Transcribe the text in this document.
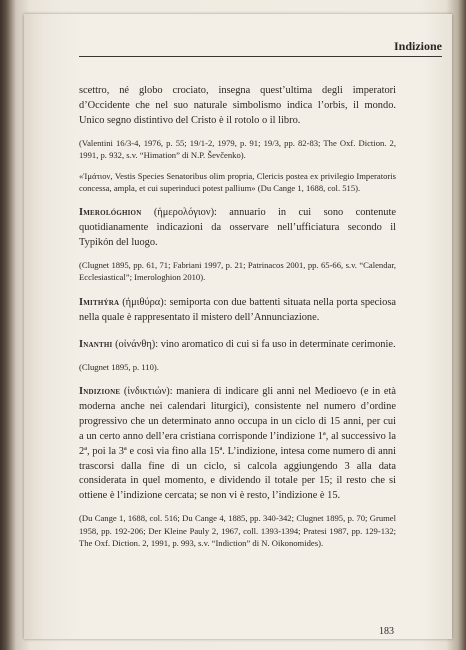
Indizione

scettro, né globo crociato, insegna quest’ultima degli imperatori d’Occidente che nel suo naturale simbolismo indica l’orbis, il mondo. Unico segno distintivo del Cristo è il rotolo o il libro.

(Valentini 16/3-4, 1976, p. 55; 19/1-2, 1979, p. 91; 19/3, pp. 82-83; The Oxf. Diction. 2, 1991, p. 932, s.v. “Himation” di N.P. Ševčenko).

«Ἱμάτιον, Vestis Species Senatoribus olim propria, Clericis postea ex privilegio Imperatoris concessa, ampla, et cui superinduci potest pallium» (Du Cange 1, 1688, col. 515).

Imerológhion (ἡμερολόγιον): annuario in cui sono contenute quotidianamente indicazioni da osservare nell’ufficiatura secondo il Typikón del luogo.

(Clugnet 1895, pp. 61, 71; Fabriani 1997, p. 21; Patrinacos 2001, pp. 65-66, s.v. “Calendar, Ecclesiastical”; Imerologhion 2010).

Imithýra (ἡμιθύρα): semiporta con due battenti situata nella porta speciosa nella quale è rappresentato il mistero dell’Annunciazione.

Inanthi (οἰνάνθη): vino aromatico di cui si fa uso in determinate cerimonie.

(Clugnet 1895, p. 110).

Indizione (ἰνδικτιών): maniera di indicare gli anni nel Medioevo (e in età moderna anche nei calendari liturgici), consistente nel numero d’ordine progressivo che un determinato anno occupa in un ciclo di 15 anni, per cui a un certo anno dell’era cristiana corrisponde l’indizione 1ª, al successivo la 2ª, poi la 3ª e così via fino alla 15ª. L’indizione, intesa come numero di anni trascorsi dalla fine di un ciclo, si calcola aggiungendo 3 alla data considerata in quel momento, e dividendo il totale per 15; il resto che si ottiene è l’indizione cercata; se non vi è resto, l’indizione è 15.

(Du Cange 1, 1688, col. 516; Du Cange 4, 1885, pp. 340-342; Clugnet 1895, p. 70; Grumel 1958, pp. 192-206; Der Kleine Pauly 2, 1967, coll. 1393-1394; Pratesi 1987, pp. 129-132; The Oxf. Diction. 2, 1991, p. 993, s.v. “Indiction” di N. Oikonomides).

183
